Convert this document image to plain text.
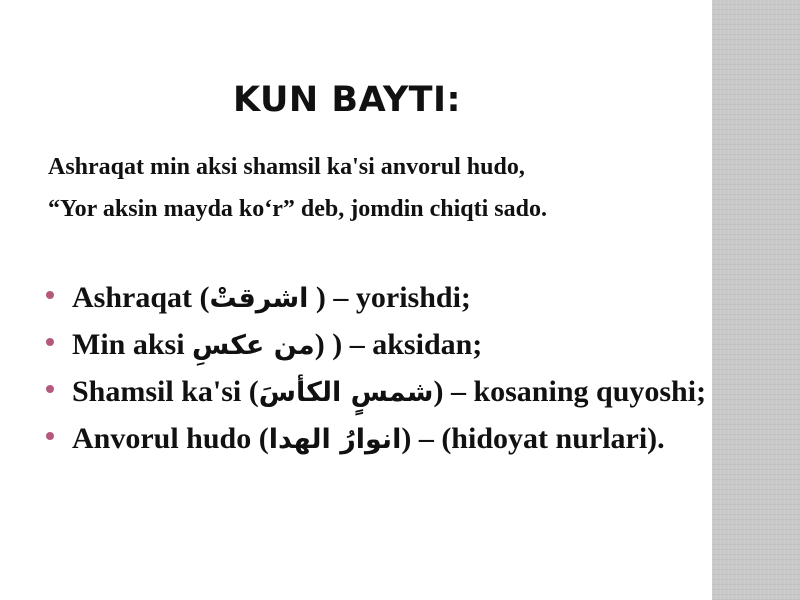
KUN BAYTI:

Ashraqat min aksi shamsil ka'si anvorul hudo,
“Yor aksin mayda ko‘r” deb, jomdin chiqti sado.

Ashraqat (اشرقتْ ) – yorishdi;
Min aksi من عكسِ) ) – aksidan;
Shamsil ka'si (شمسٍ الكأسَ) – kosaning quyoshi;
Anvorul hudo (انوارُ الهدا) – (hidoyat nurlari).
